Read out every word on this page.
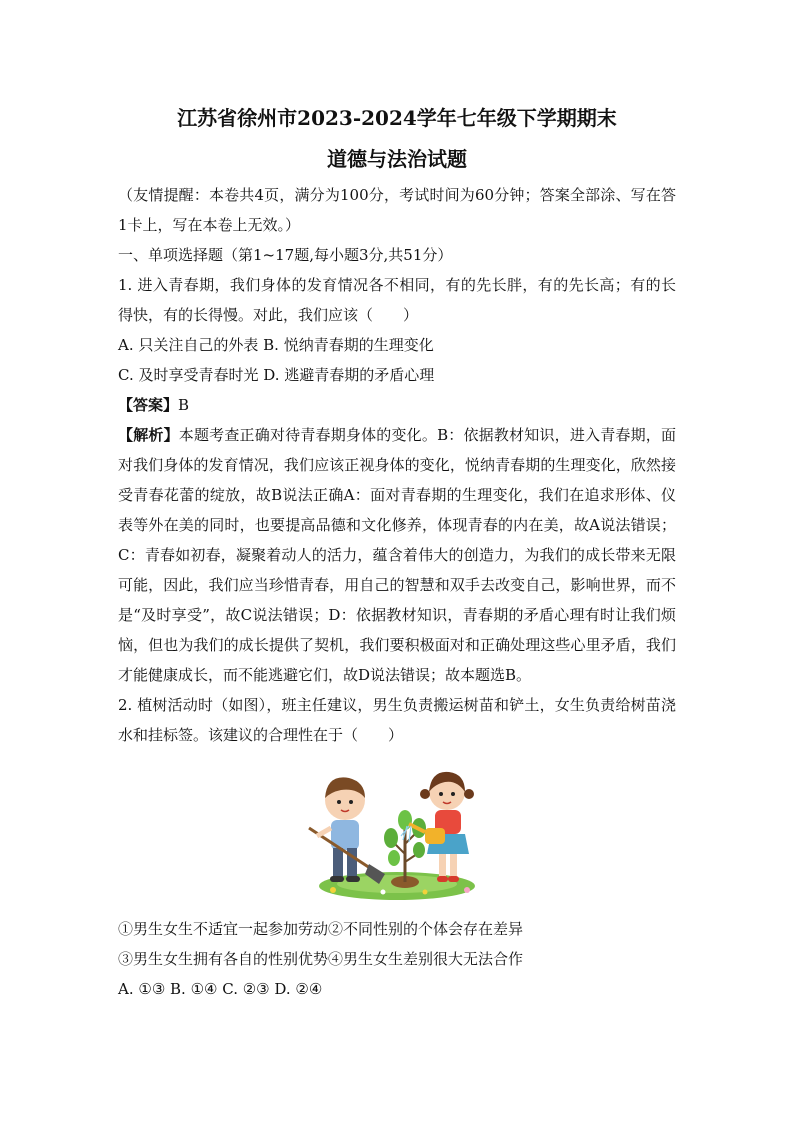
江苏省徐州市2023-2024学年七年级下学期期末
道德与法治试题

（友情提醒：本卷共4页，满分为100分，考试时间为60分钟；答案全部涂、写在答1卡上，写在本卷上无效。）

一、单项选择题（第1~17题,每小题3分,共51分）

1. 进入青春期，我们身体的发育情况各不相同，有的先长胖，有的先长高；有的长得快，有的长得慢。对此，我们应该（　　）

A. 只关注自己的外表 B. 悦纳青春期的生理变化

C. 及时享受青春时光 D. 逃避青春期的矛盾心理

【答案】B

【解析】本题考查正确对待青春期身体的变化。B：依据教材知识，进入青春期，面对我们身体的发育情况，我们应该正视身体的变化，悦纳青春期的生理变化，欣然接受青春花蕾的绽放，故B说法正确A：面对青春期的生理变化，我们在追求形体、仪表等外在美的同时，也要提高品德和文化修养，体现青春的内在美，故A说法错误；C：青春如初春，凝聚着动人的活力，蕴含着伟大的创造力，为我们的成长带来无限可能，因此，我们应当珍惜青春，用自己的智慧和双手去改变自己，影响世界，而不是“及时享受”，故C说法错误；D：依据教材知识，青春期的矛盾心理有时让我们烦恼，但也为我们的成长提供了契机，我们要积极面对和正确处理这些心里矛盾，我们才能健康成长，而不能逃避它们，故D说法错误；故本题选B。

2. 植树活动时（如图），班主任建议，男生负责搬运树苗和铲土，女生负责给树苗浇水和挂标签。该建议的合理性在于（　　）

①男生女生不适宜一起参加劳动②不同性别的个体会存在差异

③男生女生拥有各自的性别优势④男生女生差别很大无法合作

A. ①③ B. ①④ C. ②③ D. ②④
